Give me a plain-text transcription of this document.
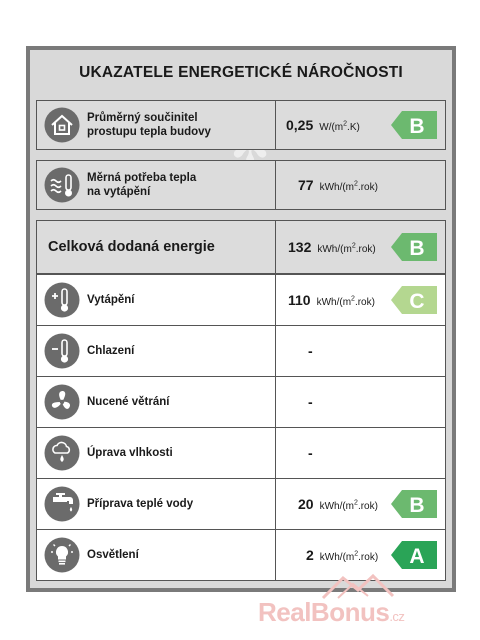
UKAZATELE ENERGETICKÉ NÁROČNOSTI
Průměrný součinitel
prostupu tepla budovy	0,25 $W/(m^2.K)$ B
Měrná potřeba tepla
na vytápění	77 kWh/$(m^2.rok)$
Celková dodaná energie	132 kWh/$(m^2.rok)$ B
Vytápění	110 kWh/$(m^2.rok)$ C
Chlazení	-
Nucené větrání	-
Úprava vlhkosti	-
Příprava teplé vody	20 kWh/$(m^2.rok)$ B
Osvětlení	2 kWh/$(m^2.rok)$ A
RealBonus.cz
